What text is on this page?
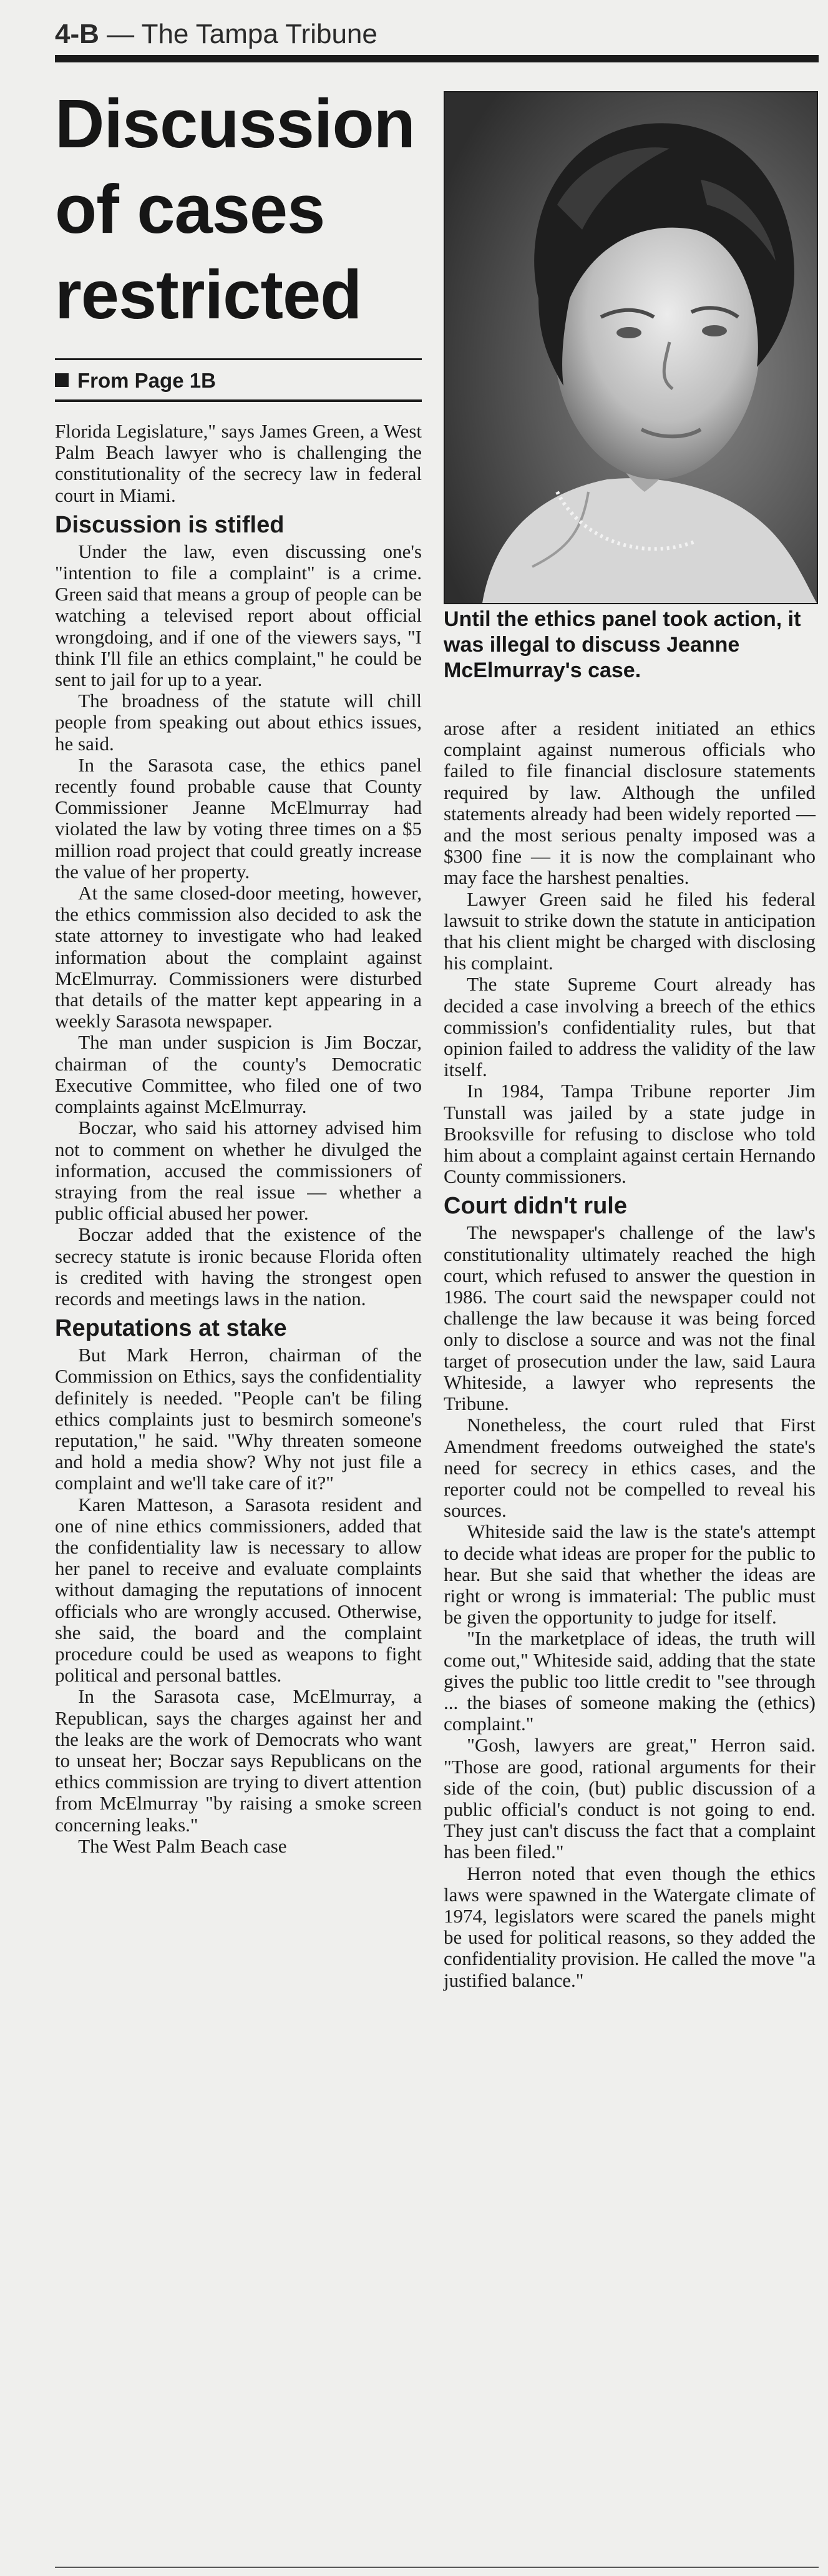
4-B — The Tampa Tribune
Discussion of cases restricted
From Page 1B

Until the ethics panel took action, it was illegal to discuss Jeanne McElmurray's case.

Florida Legislature," says James Green, a West Palm Beach lawyer who is challenging the constitutionality of the secrecy law in federal court in Miami.

Discussion is stifled

Under the law, even discussing one's "intention to file a complaint" is a crime. Green said that means a group of people can be watching a televised report about official wrongdoing, and if one of the viewers says, "I think I'll file an ethics complaint," he could be sent to jail for up to a year.

The broadness of the statute will chill people from speaking out about ethics issues, he said.

In the Sarasota case, the ethics panel recently found probable cause that County Commissioner Jeanne McElmurray had violated the law by voting three times on a $5 million road project that could greatly increase the value of her property.

At the same closed-door meeting, however, the ethics commission also decided to ask the state attorney to investigate who had leaked information about the complaint against McElmurray. Commissioners were disturbed that details of the matter kept appearing in a weekly Sarasota newspaper.

The man under suspicion is Jim Boczar, chairman of the county's Democratic Executive Committee, who filed one of two complaints against McElmurray.

Boczar, who said his attorney advised him not to comment on whether he divulged the information, accused the commissioners of straying from the real issue — whether a public official abused her power.

Boczar added that the existence of the secrecy statute is ironic because Florida often is credited with having the strongest open records and meetings laws in the nation.

Reputations at stake

But Mark Herron, chairman of the Commission on Ethics, says the confidentiality definitely is needed. "People can't be filing ethics complaints just to besmirch someone's reputation," he said. "Why threaten someone and hold a media show? Why not just file a complaint and we'll take care of it?"

Karen Matteson, a Sarasota resident and one of nine ethics commissioners, added that the confidentiality law is necessary to allow her panel to receive and evaluate complaints without damaging the reputations of innocent officials who are wrongly accused. Otherwise, she said, the board and the complaint procedure could be used as weapons to fight political and personal battles.

In the Sarasota case, McElmurray, a Republican, says the charges against her and the leaks are the work of Democrats who want to unseat her; Boczar says Republicans on the ethics commission are trying to divert attention from McElmurray "by raising a smoke screen concerning leaks."

The West Palm Beach case

arose after a resident initiated an ethics complaint against numerous officials who failed to file financial disclosure statements required by law. Although the unfiled statements already had been widely reported — and the most serious penalty imposed was a $300 fine — it is now the complainant who may face the harshest penalties.

Lawyer Green said he filed his federal lawsuit to strike down the statute in anticipation that his client might be charged with disclosing his complaint.

The state Supreme Court already has decided a case involving a breech of the ethics commission's confidentiality rules, but that opinion failed to address the validity of the law itself.

In 1984, Tampa Tribune reporter Jim Tunstall was jailed by a state judge in Brooksville for refusing to disclose who told him about a complaint against certain Hernando County commissioners.

Court didn't rule

The newspaper's challenge of the law's constitutionality ultimately reached the high court, which refused to answer the question in 1986. The court said the newspaper could not challenge the law because it was being forced only to disclose a source and was not the final target of prosecution under the law, said Laura Whiteside, a lawyer who represents the Tribune.

Nonetheless, the court ruled that First Amendment freedoms outweighed the state's need for secrecy in ethics cases, and the reporter could not be compelled to reveal his sources.

Whiteside said the law is the state's attempt to decide what ideas are proper for the public to hear. But she said that whether the ideas are right or wrong is immaterial: The public must be given the opportunity to judge for itself.

"In the marketplace of ideas, the truth will come out," Whiteside said, adding that the state gives the public too little credit to "see through ... the biases of someone making the (ethics) complaint."

"Gosh, lawyers are great," Herron said. "Those are good, rational arguments for their side of the coin, (but) public discussion of a public official's conduct is not going to end. They just can't discuss the fact that a complaint has been filed."

Herron noted that even though the ethics laws were spawned in the Watergate climate of 1974, legislators were scared the panels might be used for political reasons, so they added the confidentiality provision. He called the move "a justified balance."
